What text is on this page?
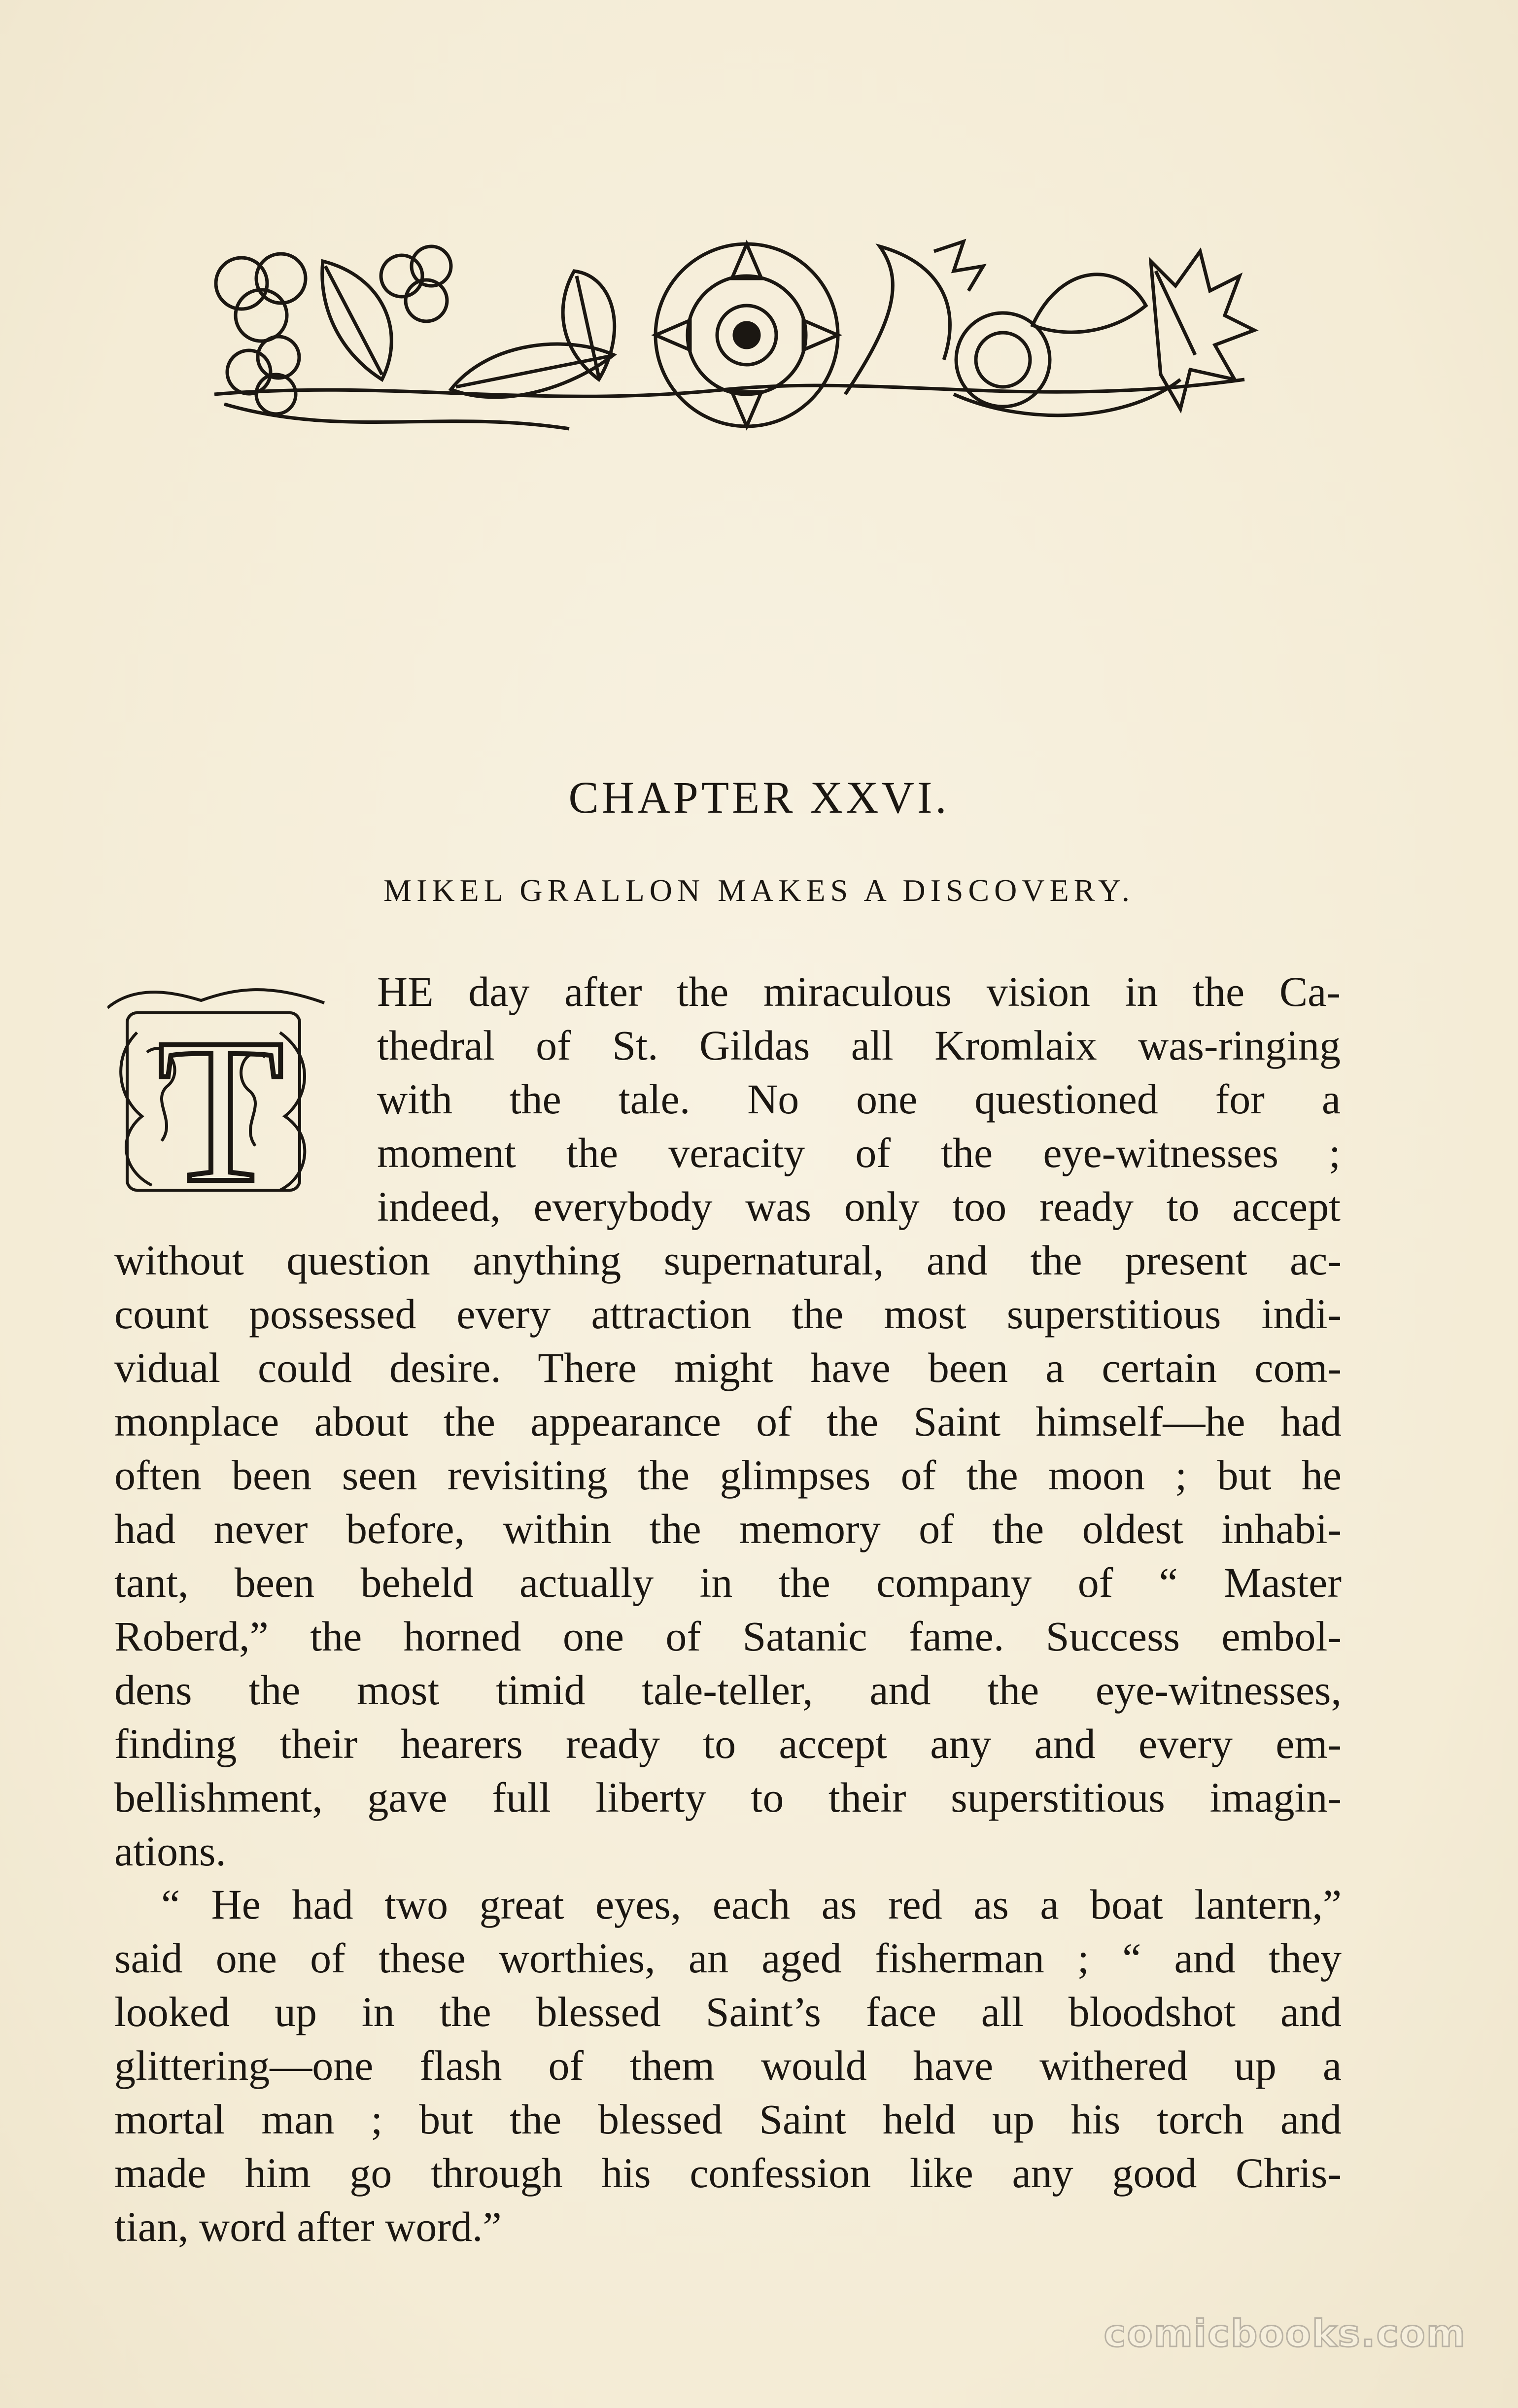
CHAPTER XXVI.
MIKEL GRALLON MAKES A DISCOVERY.
T
HE day after the miraculous vision in the Ca-
thedral of St. Gildas all Kromlaix was-ringing
with the tale. No one questioned for a
moment the veracity of the eye-witnesses ;
indeed, everybody was only too ready to accept
without question anything supernatural, and the present ac-
count possessed every attraction the most superstitious indi-
vidual could desire. There might have been a certain com-
monplace about the appearance of the Saint himself—he had
often been seen revisiting the glimpses of the moon ; but he
had never before, within the memory of the oldest inhabi-
tant, been beheld actually in the company of “ Master
Roberd,” the horned one of Satanic fame. Success embol-
dens the most timid tale-teller, and the eye-witnesses,
finding their hearers ready to accept any and every em-
bellishment, gave full liberty to their superstitious imagin-
ations.
“ He had two great eyes, each as red as a boat lantern,”
said one of these worthies, an aged fisherman ; “ and they
looked up in the blessed Saint’s face all bloodshot and
glittering—one flash of them would have withered up a
mortal man ; but the blessed Saint held up his torch and
made him go through his confession like any good Chris-
tian, word after word.”
comicbooks.com
